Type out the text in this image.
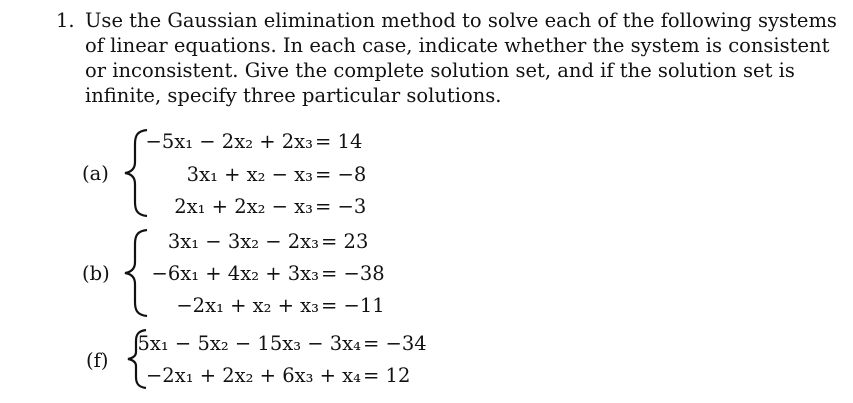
1. Use the Gaussian elimination method to solve each of the following systems
of linear equations. In each case, indicate whether the system is consistent
or inconsistent. Give the complete solution set, and if the solution set is
infinite, specify three particular solutions.
(a)
−5x₁ − 2x₂ + 2x₃ = 14
3x₁ + x₂ − x₃ = −8
2x₁ + 2x₂ − x₃ = −3
(b)
3x₁ − 3x₂ − 2x₃ = 23
−6x₁ + 4x₂ + 3x₃ = −38
−2x₁ + x₂ + x₃ = −11
(f)
5x₁ − 5x₂ − 15x₃ − 3x₄ = −34
−2x₁ + 2x₂ + 6x₃ + x₄ = 12
